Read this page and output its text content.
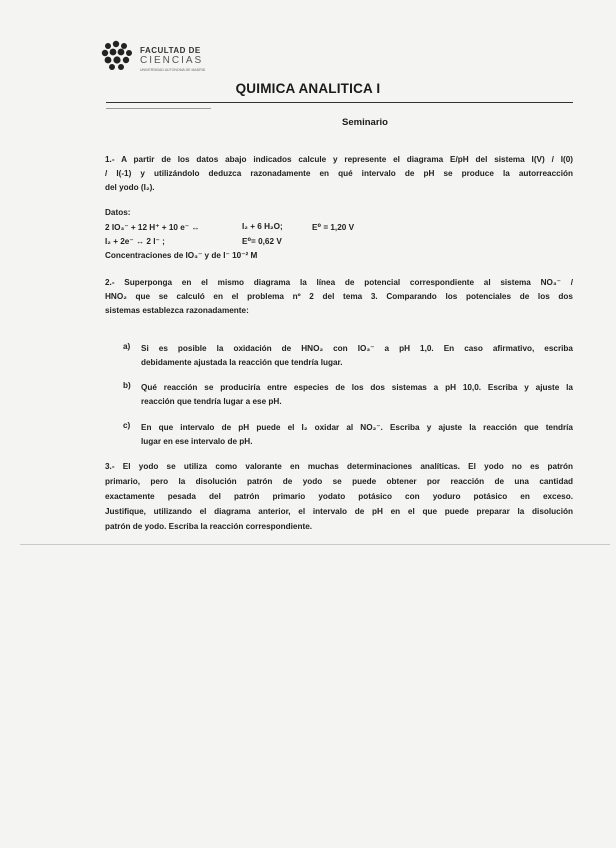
FACULTAD DE
CIENCIAS
UNIVERSIDAD AUTONOMA DE MADRID
QUIMICA ANALITICA I
Seminario
1.- A partir de los datos abajo indicados calcule y represente el diagrama E/pH del sistema I(V) / I(0)
/ I(-1) y utilizándolo deduzca razonadamente en qué intervalo de pH se produce la autorreacción
del yodo (I₂).
Datos:
2 IO₃⁻ + 12 H⁺ + 10 e⁻ ↔	I₂ + 6 H₂O;	E⁰ = 1,20 V
I₂ + 2e⁻ ↔ 2 I⁻ ;	E⁰= 0,62 V
Concentraciones de IO₃⁻ y de I⁻ 10⁻² M
2.- Superponga en el mismo diagrama la línea de potencial correspondiente al sistema NO₃⁻ /
HNO₂ que se calculó en el problema nº 2 del tema 3. Comparando los potenciales de los dos
sistemas establezca razonadamente:
a) Si es posible la oxidación de HNO₂ con IO₃⁻ a pH 1,0. En caso afirmativo, escriba
debidamente ajustada la reacción que tendría lugar.
b) Qué reacción se produciría entre especies de los dos sistemas a pH 10,0. Escriba y ajuste la
reacción que tendría lugar a ese pH.
c) En que intervalo de pH puede el I₂ oxidar al NO₂⁻. Escriba y ajuste la reacción que tendría
lugar en ese intervalo de pH.
3.- El yodo se utiliza como valorante en muchas determinaciones analíticas. El yodo no es patrón
primario, pero la disolución patrón de yodo se puede obtener por reacción de una cantidad
exactamente pesada del patrón primario yodato potásico con yoduro potásico en exceso.
Justifique, utilizando el diagrama anterior, el intervalo de pH en el que puede preparar la disolución
patrón de yodo. Escriba la reacción correspondiente.
